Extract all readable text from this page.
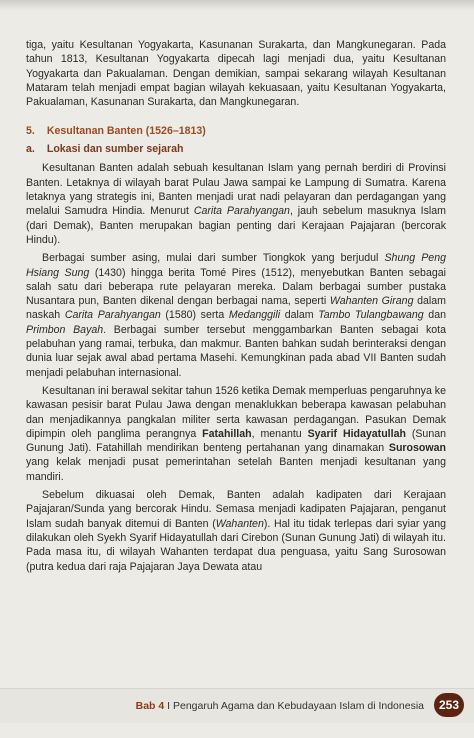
tiga, yaitu Kesultanan Yogyakarta, Kasunanan Surakarta, dan Mangkunegaran. Pada tahun 1813, Kesultanan Yogyakarta dipecah lagi menjadi dua, yaitu Kesultanan Yogyakarta dan Pakualaman. Dengan demikian, sampai sekarang wilayah Kesultanan Mataram telah menjadi empat bagian wilayah kekuasaan, yaitu Kesultanan Yogyakarta, Pakualaman, Kasunanan Surakarta, dan Mangkunegaran.

5. Kesultanan Banten (1526–1813)
a. Lokasi dan sumber sejarah

Kesultanan Banten adalah sebuah kesultanan Islam yang pernah berdiri di Provinsi Banten. Letaknya di wilayah barat Pulau Jawa sampai ke Lampung di Sumatra. Karena letaknya yang strategis ini, Banten menjadi urat nadi pelayaran dan perdagangan yang melalui Samudra Hindia. Menurut Carita Parahyangan, jauh sebelum masuknya Islam (dari Demak), Banten merupakan bagian penting dari Kerajaan Pajajaran (bercorak Hindu).

Berbagai sumber asing, mulai dari sumber Tiongkok yang berjudul Shung Peng Hsiang Sung (1430) hingga berita Tomé Pires (1512), menyebutkan Banten sebagai salah satu dari beberapa rute pelayaran mereka. Dalam berbagai sumber pustaka Nusantara pun, Banten dikenal dengan berbagai nama, seperti Wahanten Girang dalam naskah Carita Parahyangan (1580) serta Medanggili dalam Tambo Tulangbawang dan Primbon Bayah. Berbagai sumber tersebut menggambarkan Banten sebagai kota pelabuhan yang ramai, terbuka, dan makmur. Banten bahkan sudah berinteraksi dengan dunia luar sejak awal abad pertama Masehi. Kemungkinan pada abad VII Banten sudah menjadi pelabuhan internasional.

Kesultanan ini berawal sekitar tahun 1526 ketika Demak memperluas pengaruhnya ke kawasan pesisir barat Pulau Jawa dengan menaklukkan beberapa kawasan pelabuhan dan menjadikannya pangkalan militer serta kawasan perdagangan. Pasukan Demak dipimpin oleh panglima perangnya Fatahillah, menantu Syarif Hidayatullah (Sunan Gunung Jati). Fatahillah mendirikan benteng pertahanan yang dinamakan Surosowan yang kelak menjadi pusat pemerintahan setelah Banten menjadi kesultanan yang mandiri.

Sebelum dikuasai oleh Demak, Banten adalah kadipaten dari Kerajaan Pajajaran/Sunda yang bercorak Hindu. Semasa menjadi kadipaten Pajajaran, penganut Islam sudah banyak ditemui di Banten (Wahanten). Hal itu tidak terlepas dari syiar yang dilakukan oleh Syekh Syarif Hidayatullah dari Cirebon (Sunan Gunung Jati) di wilayah itu. Pada masa itu, di wilayah Wahanten terdapat dua penguasa, yaitu Sang Surosowan (putra kedua dari raja Pajajaran Jaya Dewata atau

Bab 4 I Pengaruh Agama dan Kebudayaan Islam di Indonesia	253
